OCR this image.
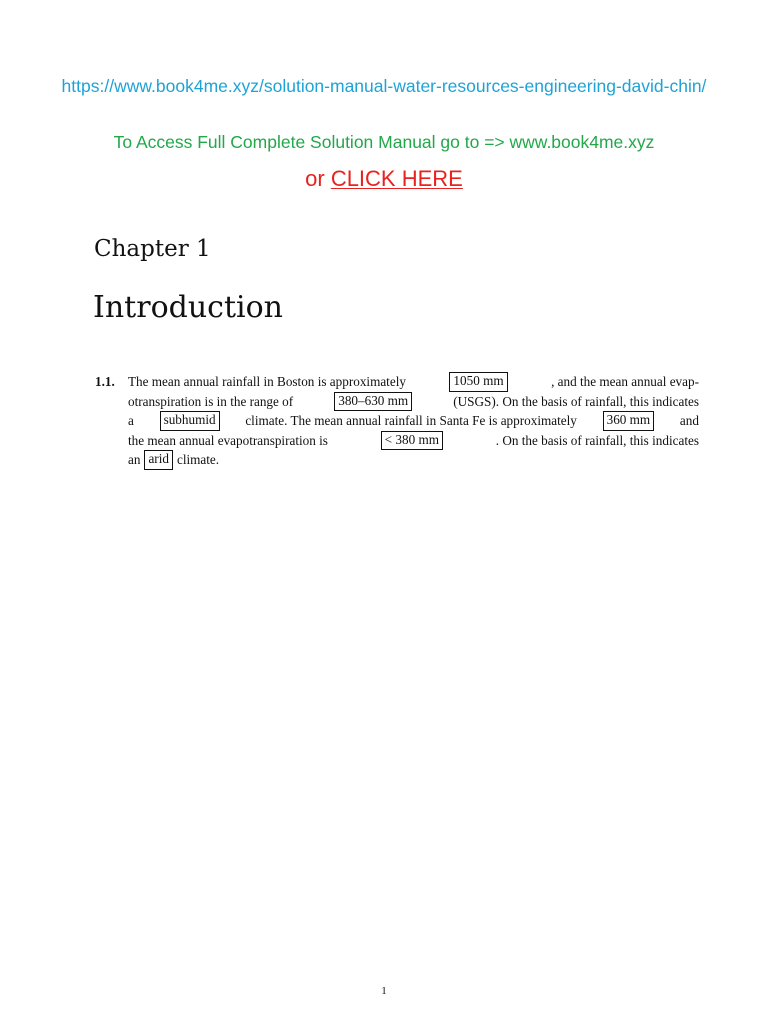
https://www.book4me.xyz/solution-manual-water-resources-engineering-david-chin/
To Access Full Complete Solution Manual go to => www.book4me.xyz
or CLICK HERE
Chapter 1
Introduction
1.1. The mean annual rainfall in Boston is approximately	1050 mm	, and the mean annual evap-
otranspiration is in the range of	380–630 mm	(USGS). On the basis of rainfall, this indicates
a	subhumid	climate. The mean annual rainfall in Santa Fe is approximately	360 mm	and
the mean annual evapotranspiration is	< 380 mm	. On the basis of rainfall, this indicates
an arid climate.
1
